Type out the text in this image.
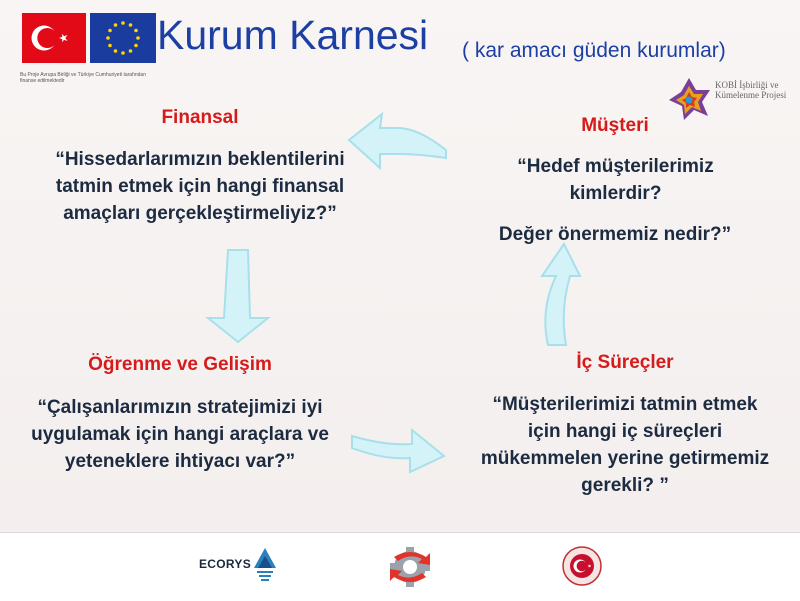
Bu Proje Avrupa Birliği ve Türkiye Cumhuriyeti tarafından finanse edilmektedir
Kurum Karnesi ( kar amacı güden kurumlar)
KOBİ İşbirliği ve Kümelenme Projesi
Finansal
“Hissedarlarımızın beklentilerini tatmin etmek için hangi finansal amaçları gerçekleştirmeliyiz?”
Müşteri
“Hedef müşterilerimiz kimlerdir?
Değer önermemiz nedir?”
Öğrenme ve Gelişim
“Çalışanlarımızın stratejimizi iyi uygulamak için hangi araçlara ve yeteneklere ihtiyacı var?”
İç Süreçler
“Müşterilerimizi tatmin etmek için hangi iç süreçleri mükemmelen yerine getirmemiz gerekli? ”
ECORYS
